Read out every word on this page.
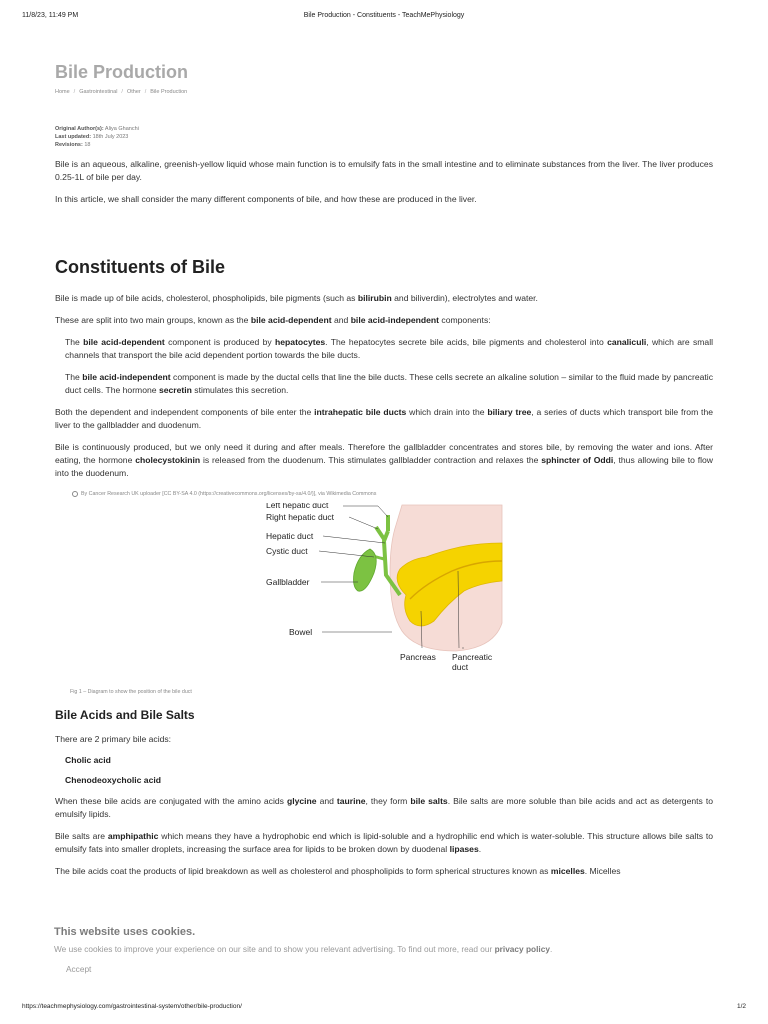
11/8/23, 11:49 PM	Bile Production - Constituents - TeachMePhysiology
Bile Production
Home / Gastrointestinal / Other / Bile Production
Original Author(s): Aliya Ghanchi
Last updated: 18th July 2023
Revisions: 18

Bile is an aqueous, alkaline, greenish-yellow liquid whose main function is to emulsify fats in the small intestine and to eliminate substances from the liver. The liver produces 0.25-1L of bile per day.

In this article, we shall consider the many different components of bile, and how these are produced in the liver.

Constituents of Bile

Bile is made up of bile acids, cholesterol, phospholipids, bile pigments (such as bilirubin and biliverdin), electrolytes and water.

These are split into two main groups, known as the bile acid-dependent and bile acid-independent components:

The bile acid-dependent component is produced by hepatocytes. The hepatocytes secrete bile acids, bile pigments and cholesterol into canaliculi, which are small channels that transport the bile acid dependent portion towards the bile ducts.

The bile acid-independent component is made by the ductal cells that line the bile ducts. These cells secrete an alkaline solution – similar to the fluid made by pancreatic duct cells. The hormone secretin stimulates this secretion.

Both the dependent and independent components of bile enter the intrahepatic bile ducts which drain into the biliary tree, a series of ducts which transport bile from the liver to the gallbladder and duodenum.

Bile is continuously produced, but we only need it during and after meals. Therefore the gallbladder concentrates and stores bile, by removing the water and ions. After eating, the hormone cholecystokinin is released from the duodenum. This stimulates gallbladder contraction and relaxes the sphincter of Oddi, thus allowing bile to flow into the duodenum.

By Cancer Research UK uploader [CC BY-SA 4.0 (https://creativecommons.org/licenses/by-sa/4.0/)], via Wikimedia Commons
Left hepatic duct
Right hepatic duct
Hepatic duct
Cystic duct
Gallbladder
Bowel
Pancreas Pancreatic
duct
Fig 1 – Diagram to show the position of the bile duct
Bile Acids and Bile Salts

There are 2 primary bile acids:

Cholic acid
Chenodeoxycholic acid

When these bile acids are conjugated with the amino acids glycine and taurine, they form bile salts. Bile salts are more soluble than bile acids and act as detergents to emulsify lipids.

Bile salts are amphipathic which means they have a hydrophobic end which is lipid-soluble and a hydrophilic end which is water-soluble. This structure allows bile salts to emulsify fats into smaller droplets, increasing the surface area for lipids to be broken down by duodenal lipases.

The bile acids coat the products of lipid breakdown as well as cholesterol and phospholipids to form spherical structures known as micelles. Micelles

This website uses cookies.
We use cookies to improve your experience on our site and to show you relevant advertising. To find out more, read our privacy policy.
Accept
https://teachmephysiology.com/gastrointestinal-system/other/bile-production/	1/2
